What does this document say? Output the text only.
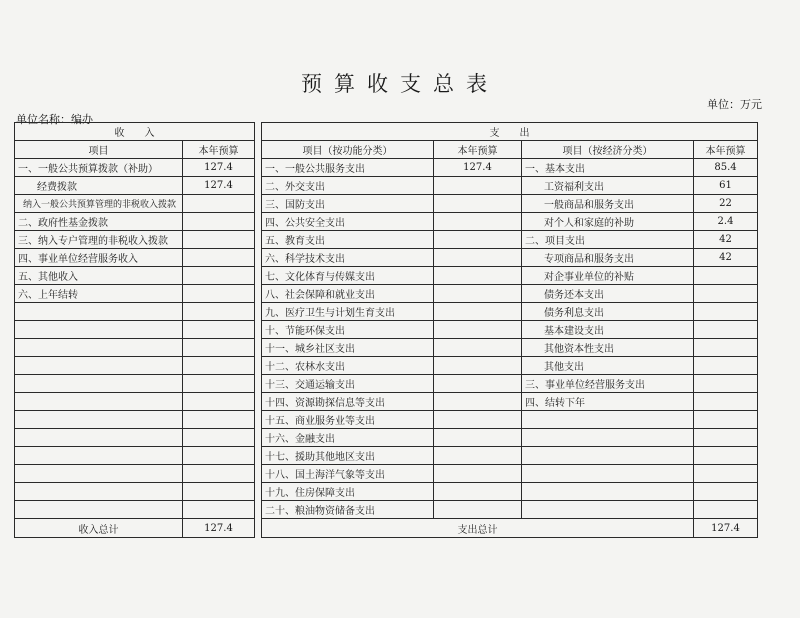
预算收支总表
单位：万元
单位名称：编办
收　　入			支　　出			
项目	本年预算		项目（按功能分类）	本年预算	项目（按经济分类）	本年预算
一、一般公共预算拨款（补助）	127.4		一、一般公共服务支出	127.4	一、基本支出	85.4
经费拨款	127.4		二、外交支出		工资福利支出	61
纳入一般公共预算管理的非税收入拨款			三、国防支出		一般商品和服务支出	22
二、政府性基金拨款			四、公共安全支出		对个人和家庭的补助	2.4
三、纳入专户管理的非税收入拨款			五、教育支出		二、项目支出	42
四、事业单位经营服务收入			六、科学技术支出		专项商品和服务支出	42
五、其他收入			七、文化体育与传媒支出		对企事业单位的补贴	
六、上年结转			八、社会保障和就业支出		债务还本支出	
			九、医疗卫生与计划生育支出		债务利息支出	
			十、节能环保支出		基本建设支出	
			十一、城乡社区支出		其他资本性支出	
			十二、农林水支出		其他支出	
			十三、交通运输支出		三、事业单位经营服务支出	
			十四、资源勘探信息等支出		四、结转下年	
			十五、商业服务业等支出			
			十六、金融支出			
			十七、援助其他地区支出			
			十八、国土海洋气象等支出			
			十九、住房保障支出			
			二十、粮油物资储备支出			
收入总计	127.4		支出总计			127.4
